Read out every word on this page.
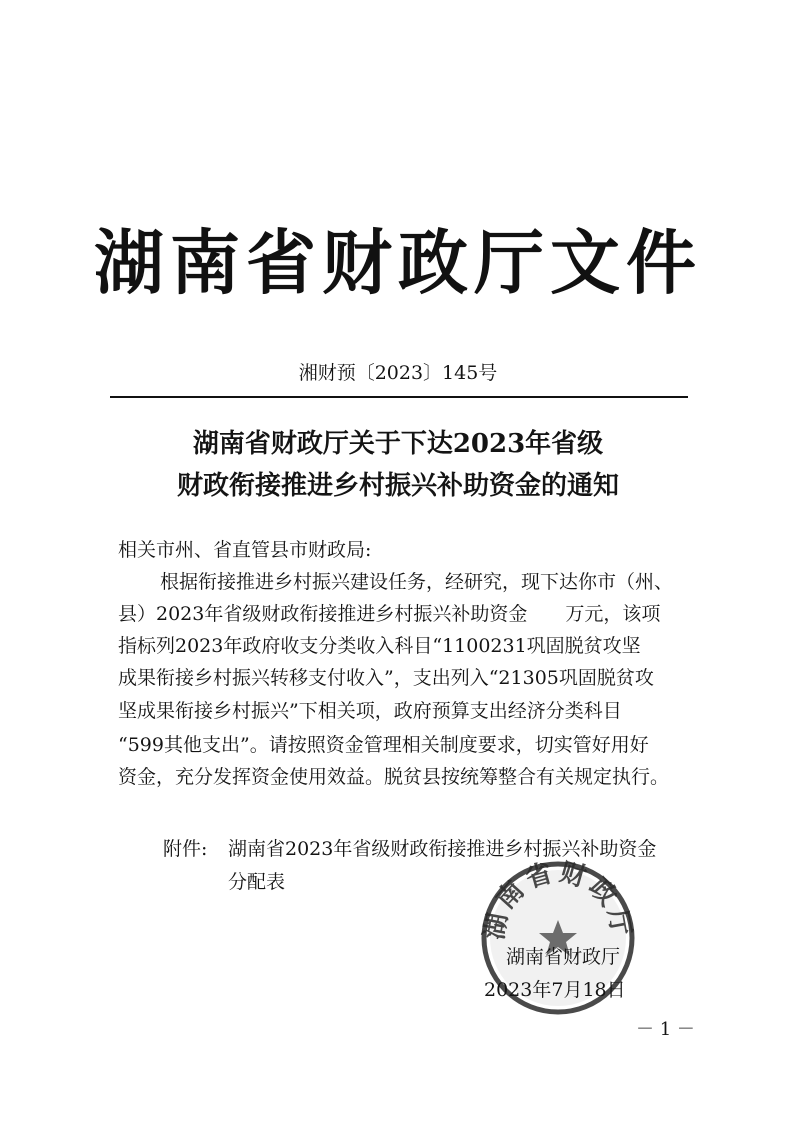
湖南省财政厅文件
湘财预〔2023〕145号
湖南省财政厅关于下达2023年省级
财政衔接推进乡村振兴补助资金的通知
相关市州、省直管县市财政局:
根据衔接推进乡村振兴建设任务，经研究，现下达你市（州、
县）2023年省级财政衔接推进乡村振兴补助资金　　万元，该项
指标列2023年政府收支分类收入科目“1100231巩固脱贫攻坚
成果衔接乡村振兴转移支付收入”，支出列入“21305巩固脱贫攻
坚成果衔接乡村振兴”下相关项，政府预算支出经济分类科目
“599其他支出”。请按照资金管理相关制度要求，切实管好用好
资金，充分发挥资金使用效益。脱贫县按统筹整合有关规定执行。
附件: 湖南省2023年省级财政衔接推进乡村振兴补助资金
分配表
湖南省财政厅
湖南省财政厅
2023年7月18日
－ 1 －
